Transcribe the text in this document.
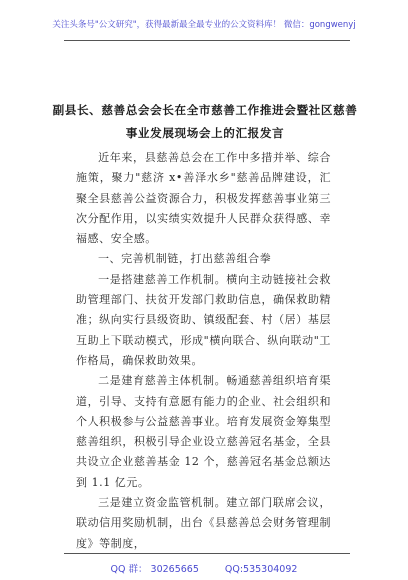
关注头条号"公文研究"，获得最新最全最专业的公文资料库！ 微信：gongwenyj
副县长、慈善总会会长在全市慈善工作推进会暨社区慈善
事业发展现场会上的汇报发言
近年来，县慈善总会在工作中多措并举、综合施策，聚力"慈济 x•善泽水乡"慈善品牌建设，汇聚全县慈善公益资源合力，积极发挥慈善事业第三次分配作用，以实绩实效提升人民群众获得感、幸福感、安全感。
一、完善机制链，打出慈善组合拳
一是搭建慈善工作机制。横向主动链接社会救助管理部门、扶贫开发部门救助信息，确保救助精准；纵向实行县级资助、镇级配套、村（居）基层互助上下联动模式，形成"横向联合、纵向联动"工作格局，确保救助效果。
二是建育慈善主体机制。畅通慈善组织培育渠道，引导、支持有意愿有能力的企业、社会组织和个人积极参与公益慈善事业。培育发展资金筹集型慈善组织，积极引导企业设立慈善冠名基金，全县共设立企业慈善基金 12 个，慈善冠名基金总额达到 1.1 亿元。
三是建立资金监管机制。建立部门联席会议，联动信用奖励机制，出台《县慈善总会财务管理制度》等制度，
QQ 群： 30265665	QQ:535304092
